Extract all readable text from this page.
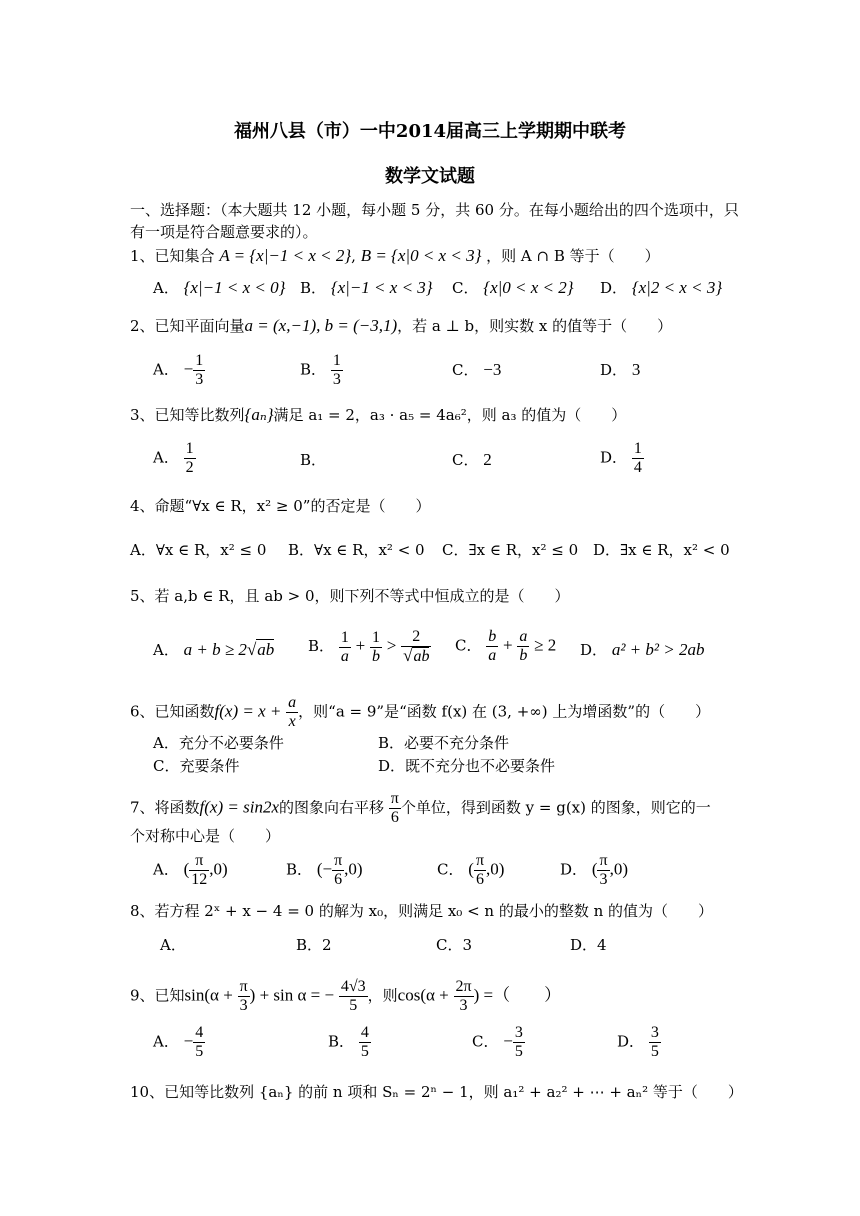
福州八县（市）一中2014届高三上学期期中联考
数学文试题
一、选择题：（本大题共 12 小题，每小题 5 分，共 60 分。在每小题给出的四个选项中，只
有一项是符合题意要求的）。
1、已知集合 A = {x|−1 < x < 2}, B = {x|0 < x < 3} ，则 A ∩ B 等于（　　）
A． {x|−1 < x < 0} B． {x|−1 < x < 3} C． {x|0 < x < 2} D． {x|2 < x < 3}
2、已知平面向量a = (x,−1), b = (−3,1)，若 a ⊥ b，则实数 x 的值等于（　　）
A． − $\frac{1}{3}$	B． $\frac{1}{3}$	C． −3	D． 3
3、已知等比数列{aₙ}满足 a₁ = 2，a₃ · a₅ = 4a₆²，则 a₃ 的值为（　　）
A． $\frac{1}{2}$	B．	C． 2	D． $\frac{1}{4}$
4、命题“∀x ∈ R，x² ≥ 0”的否定是（　　）
A．∀x ∈ R，x² ≤ 0 B．∀x ∈ R，x² < 0 C．∃x ∈ R，x² ≤ 0 D．∃x ∈ R，x² < 0
5、若 a,b ∈ R，且 ab > 0，则下列不等式中恒成立的是（　　）
A． a + b ≥ 2√ab B． $\frac{1}{a} + \frac{1}{b} > \frac{2}{√ab}$ C． $\frac{b}{a} + \frac{a}{b} \ge 2$ D． a² + b² > 2ab
6、已知函数$f(x) = x + \frac{a}{x}$ ，则“a = 9”是“函数 f(x) 在 (3, +∞) 上为增函数”的（　　）
A．充分不必要条件	B．必要不充分条件
C．充要条件	D．既不充分也不必要条件
7、将函数f(x) = sin2x的图象向右平移 $\frac{\pi}{6}$ 个单位，得到函数 y = g(x) 的图象，则它的一
个对称中心是（　　）
A． ( $\frac{\pi}{12} ,0$)	B． (− $\frac{\pi}{6} ,0$)	C． ( $\frac{\pi}{6} ,0$)	D． ( $\frac{\pi}{3} ,0$)
8、若方程 2ˣ + x − 4 = 0 的解为 x₀，则满足 x₀ < n 的最小的整数 n 的值为（　　）
A．	B．2	C．3	D．4
9、已知$\sin(\alpha + \frac{\pi}{3}$ ) + sin α = − $\frac{4√3}{5}$ ，则$\cos(\alpha + \frac{2\pi}{3}$ ) =（　　）
A． − $\frac{4}{5}$	B． $\frac{4}{5}$	C． − $\frac{3}{5}$	D． $\frac{3}{5}$
10、已知等比数列 {aₙ} 的前 n 项和 Sₙ = 2ⁿ − 1，则 a₁² + a₂² + ⋯ + aₙ² 等于（　　）
